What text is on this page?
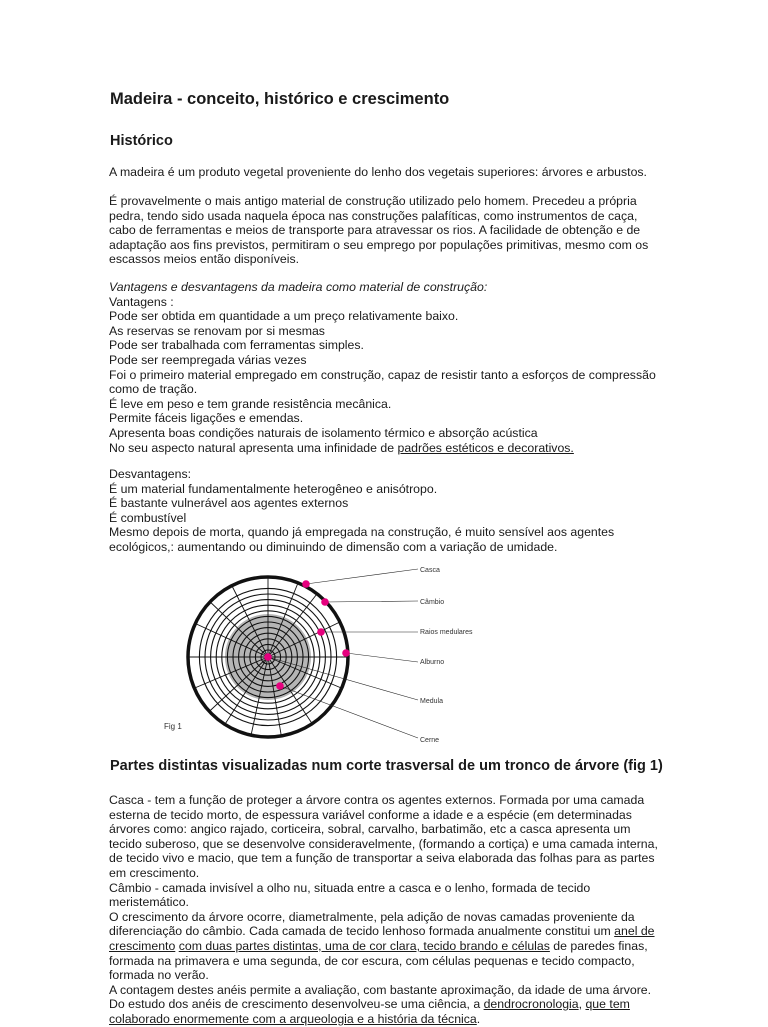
Madeira - conceito, histórico e crescimento
Histórico

A madeira é um produto vegetal proveniente do lenho dos vegetais superiores: árvores e arbustos.

É provavelmente o mais antigo material de construção utilizado pelo homem. Precedeu a própria

pedra, tendo sido usada naquela época nas construções palafíticas, como instrumentos de caça,

cabo de ferramentas e meios de transporte para atravessar os rios. A facilidade de obtenção e de

adaptação aos fins previstos, permitiram o seu emprego por populações primitivas, mesmo com os

escassos meios então disponíveis.

Vantagens e desvantagens da madeira como material de construção:

Vantagens :

Pode ser obtida em quantidade a um preço relativamente baixo.

As reservas se renovam por si mesmas

Pode ser trabalhada com ferramentas simples.

Pode ser reempregada várias vezes

Foi o primeiro material empregado em construção, capaz de resistir tanto a esforços de compressão

como de tração.

É leve em peso e tem grande resistência mecânica.

Permite fáceis ligações e emendas.

Apresenta boas condições naturais de isolamento térmico e absorção acústica

No seu aspecto natural apresenta uma infinidade de padrões estéticos e decorativos.

Desvantagens:

É um material fundamentalmente heterogêneo e anisótropo.

É bastante vulnerável aos agentes externos

É combustível

Mesmo depois de morta, quando já empregada na construção, é muito sensível aos agentes

ecológicos,: aumentando ou diminuindo de dimensão com a variação de umidade.

Casca
Câmbio
Raios medulares
Alburno
Medula
Cerne
Fig 1
Partes distintas visualizadas num corte trasversal de um tronco de árvore (fig 1)

Casca - tem a função de proteger a árvore contra os agentes externos. Formada por uma camada

esterna de tecido morto, de espessura variável conforme a idade e a espécie (em determinadas

árvores como: angico rajado, corticeira, sobral, carvalho, barbatimão, etc a casca apresenta um

tecido suberoso, que se desenvolve consideravelmente, (formando a cortiça) e uma camada interna,

de tecido vivo e macio, que tem a função de transportar a seiva elaborada das folhas para as partes

em crescimento.

Câmbio - camada invisível a olho nu, situada entre a casca e o lenho, formada de tecido

meristemático.

O crescimento da árvore ocorre, diametralmente, pela adição de novas camadas proveniente da

diferenciação do câmbio. Cada camada de tecido lenhoso formada anualmente constitui um anel de

crescimento com duas partes distintas, uma de cor clara, tecido brando e células de paredes finas,

formada na primavera e uma segunda, de cor escura, com células pequenas e tecido compacto,

formada no verão.

A contagem destes anéis permite a avaliação, com bastante aproximação, da idade de uma árvore.

Do estudo dos anéis de crescimento desenvolveu-se uma ciência, a dendrocronologia, que tem

colaborado enormemente com a arqueologia e a história da técnica.
